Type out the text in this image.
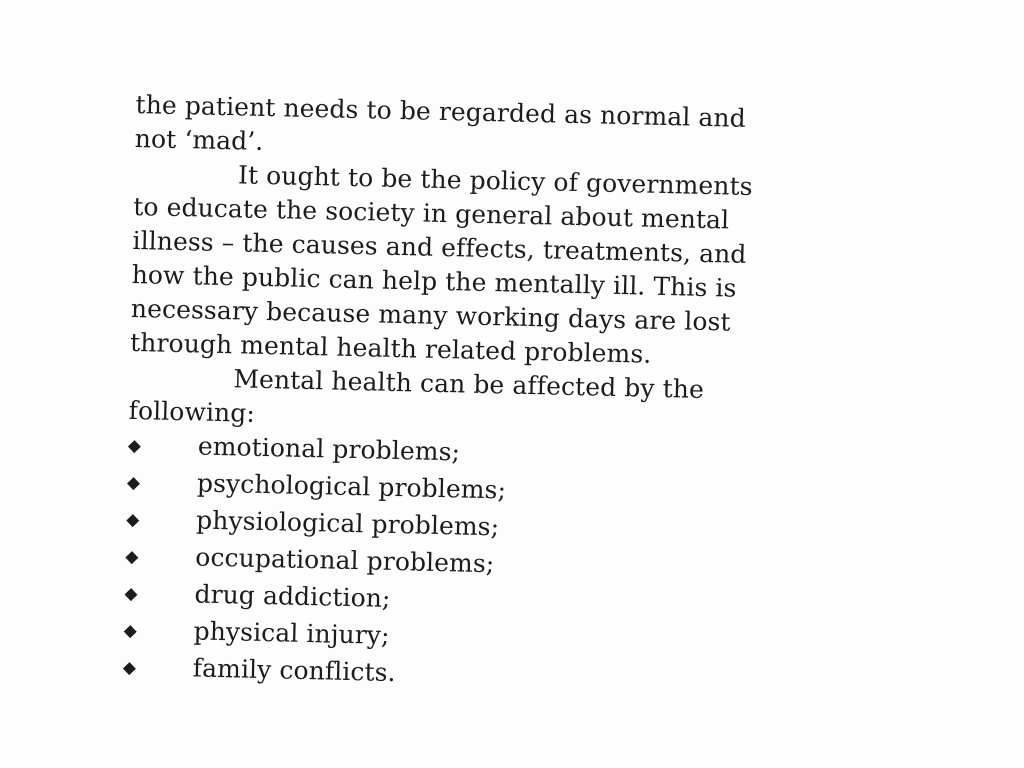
the patient needs to be regarded as normal and
not ‘mad’.
It ought to be the policy of governments
to educate the society in general about mental
illness – the causes and effects, treatments, and
how the public can help the mentally ill. This is
necessary because many working days are lost
through mental health related problems.
Mental health can be affected by the
following:
◆	emotional problems;
◆	psychological problems;
◆	physiological problems;
◆	occupational problems;
◆	drug addiction;
◆	physical injury;
◆	family conflicts.
